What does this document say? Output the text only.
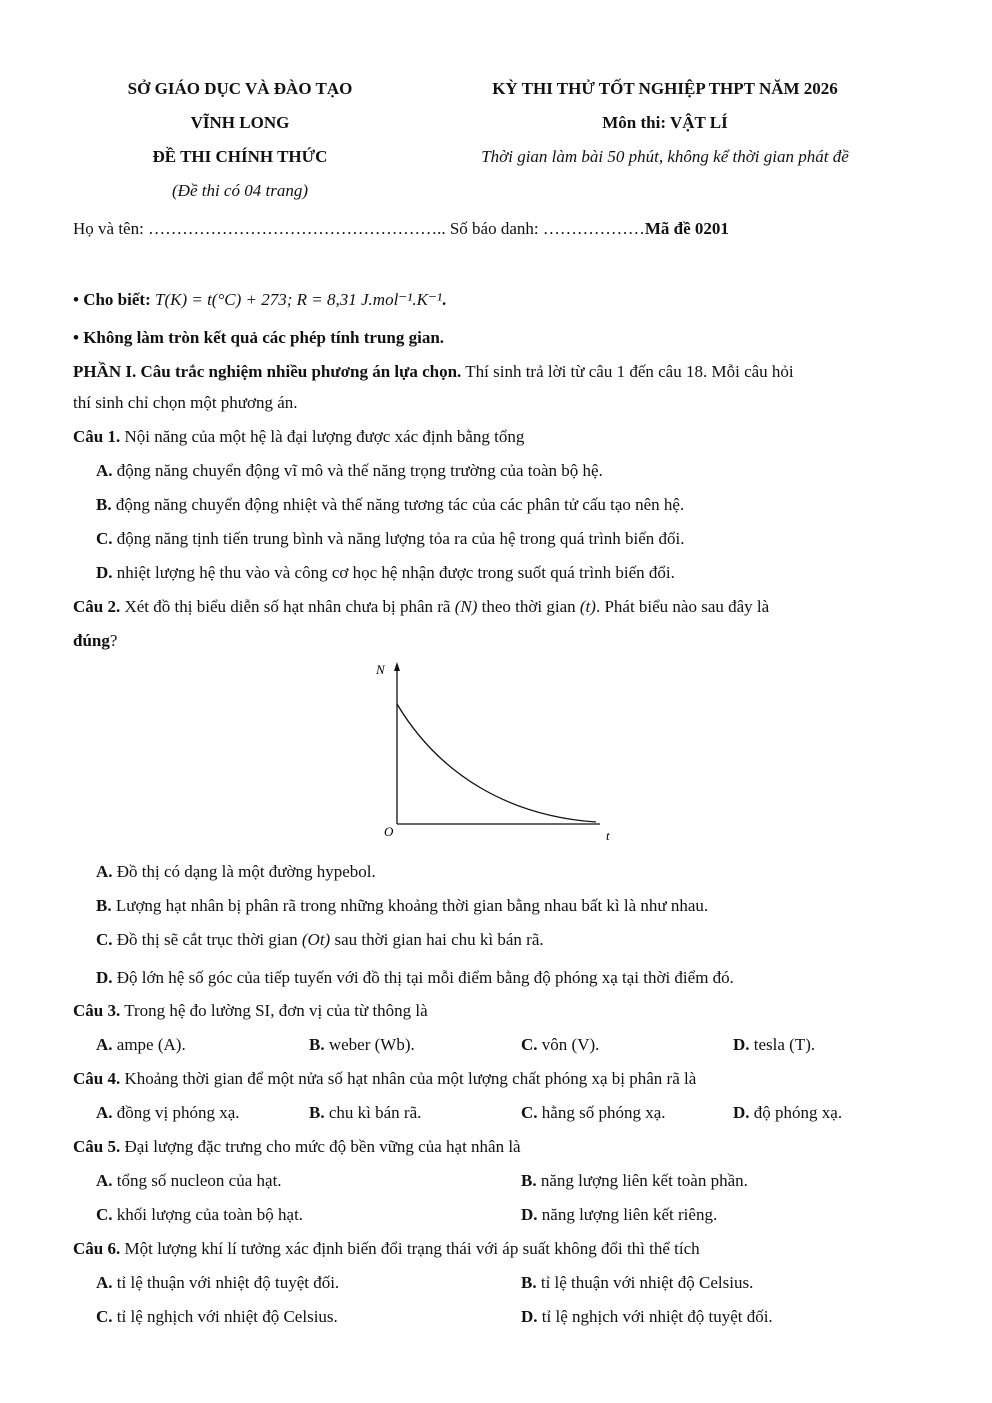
SỞ GIÁO DỤC VÀ ĐÀO TẠO
VĨNH LONG
ĐỀ THI CHÍNH THỨC
(Đề thi có 04 trang)
KỲ THI THỬ TỐT NGHIỆP THPT NĂM 2026
Môn thi: VẬT LÍ
Thời gian làm bài 50 phút, không kể thời gian phát đề
Họ và tên: …………………………………………….. Số báo danh: ………………Mã đề 0201
• Cho biết: T(K) = t(°C) + 273; R = 8,31 J.mol⁻¹.K⁻¹.
• Không làm tròn kết quả các phép tính trung gian.
PHẦN I. Câu trắc nghiệm nhiều phương án lựa chọn. Thí sinh trả lời từ câu 1 đến câu 18. Mỗi câu hỏi
thí sinh chỉ chọn một phương án.
Câu 1. Nội năng của một hệ là đại lượng được xác định bằng tổng
A. động năng chuyển động vĩ mô và thế năng trọng trường của toàn bộ hệ.
B. động năng chuyển động nhiệt và thế năng tương tác của các phân tử cấu tạo nên hệ.
C. động năng tịnh tiến trung bình và năng lượng tỏa ra của hệ trong quá trình biến đổi.
D. nhiệt lượng hệ thu vào và công cơ học hệ nhận được trong suốt quá trình biến đổi.
Câu 2. Xét đồ thị biểu diễn số hạt nhân chưa bị phân rã (N) theo thời gian (t). Phát biểu nào sau đây là
đúng?
N
t
O
A. Đồ thị có dạng là một đường hypebol.
B. Lượng hạt nhân bị phân rã trong những khoảng thời gian bằng nhau bất kì là như nhau.
C. Đồ thị sẽ cắt trục thời gian (Ot) sau thời gian hai chu kì bán rã.
D. Độ lớn hệ số góc của tiếp tuyến với đồ thị tại mỗi điểm bằng độ phóng xạ tại thời điểm đó.
Câu 3. Trong hệ đo lường SI, đơn vị của từ thông là
A. ampe (A).	B. weber (Wb).	C. vôn (V).	D. tesla (T).
Câu 4. Khoảng thời gian để một nửa số hạt nhân của một lượng chất phóng xạ bị phân rã là
A. đồng vị phóng xạ.	B. chu kì bán rã.	C. hằng số phóng xạ.	D. độ phóng xạ.
Câu 5. Đại lượng đặc trưng cho mức độ bền vững của hạt nhân là
A. tổng số nucleon của hạt.	B. năng lượng liên kết toàn phần.
C. khối lượng của toàn bộ hạt.	D. năng lượng liên kết riêng.
Câu 6. Một lượng khí lí tưởng xác định biến đổi trạng thái với áp suất không đổi thì thể tích
A. tỉ lệ thuận với nhiệt độ tuyệt đối.	B. tỉ lệ thuận với nhiệt độ Celsius.
C. tỉ lệ nghịch với nhiệt độ Celsius.	D. tỉ lệ nghịch với nhiệt độ tuyệt đối.
